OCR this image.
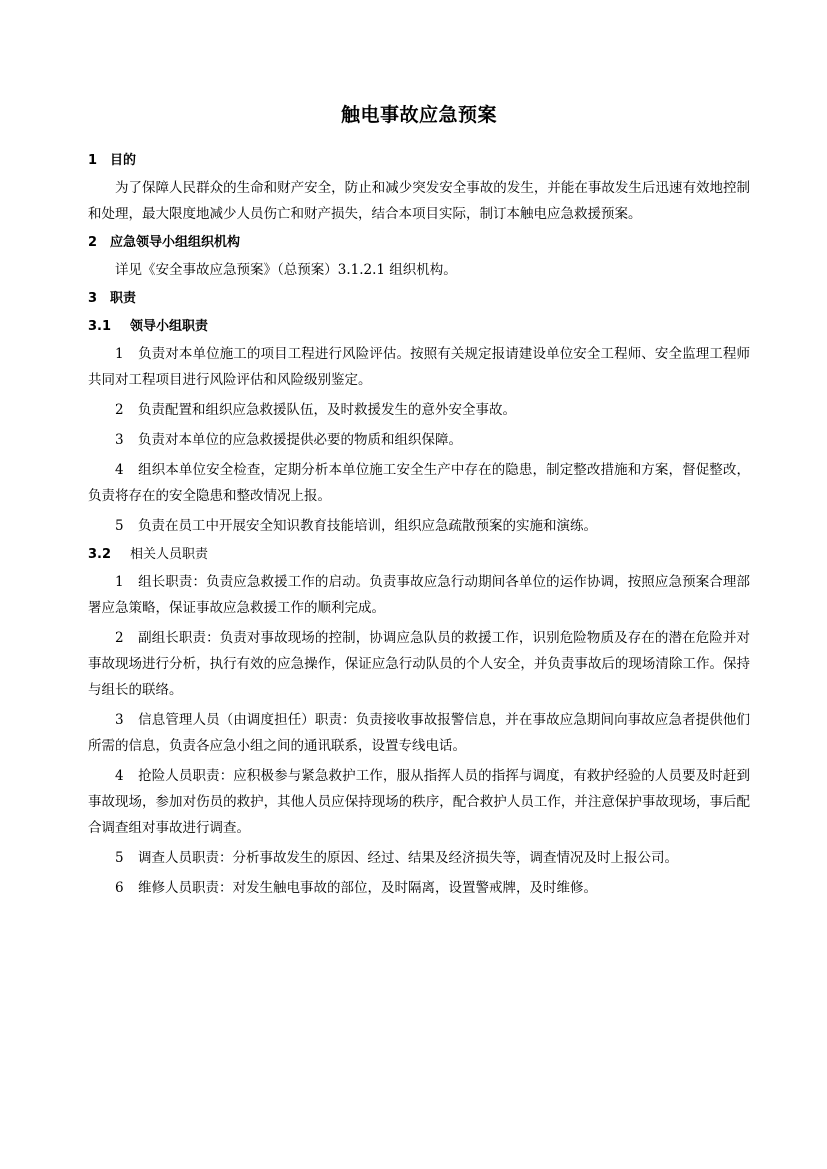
触电事故应急预案
1 目的

为了保障人民群众的生命和财产安全，防止和减少突发安全事故的发生，并能在事故发生后迅速有效地控制和处理，最大限度地减少人员伤亡和财产损失，结合本项目实际，制订本触电应急救援预案。

2 应急领导小组组织机构

详见《安全事故应急预案》（总预案）3.1.2.1 组织机构。

3 职责
3.1 领导小组职责

1 负责对本单位施工的项目工程进行风险评估。按照有关规定报请建设单位安全工程师、安全监理工程师共同对工程项目进行风险评估和风险级别鉴定。

2 负责配置和组织应急救援队伍，及时救援发生的意外安全事故。

3 负责对本单位的应急救援提供必要的物质和组织保障。

4 组织本单位安全检查，定期分析本单位施工安全生产中存在的隐患，制定整改措施和方案，督促整改，负责将存在的安全隐患和整改情况上报。

5 负责在员工中开展安全知识教育技能培训，组织应急疏散预案的实施和演练。

3.2 相关人员职责

1 组长职责：负责应急救援工作的启动。负责事故应急行动期间各单位的运作协调，按照应急预案合理部署应急策略，保证事故应急救援工作的顺利完成。

2 副组长职责：负责对事故现场的控制，协调应急队员的救援工作，识别危险物质及存在的潜在危险并对事故现场进行分析，执行有效的应急操作，保证应急行动队员的个人安全，并负责事故后的现场清除工作。保持与组长的联络。

3 信息管理人员（由调度担任）职责：负责接收事故报警信息，并在事故应急期间向事故应急者提供他们所需的信息，负责各应急小组之间的通讯联系，设置专线电话。

4 抢险人员职责：应积极参与紧急救护工作，服从指挥人员的指挥与调度，有救护经验的人员要及时赶到事故现场，参加对伤员的救护，其他人员应保持现场的秩序，配合救护人员工作，并注意保护事故现场，事后配合调查组对事故进行调查。

5 调查人员职责：分析事故发生的原因、经过、结果及经济损失等，调查情况及时上报公司。

6 维修人员职责：对发生触电事故的部位，及时隔离，设置警戒牌，及时维修。
